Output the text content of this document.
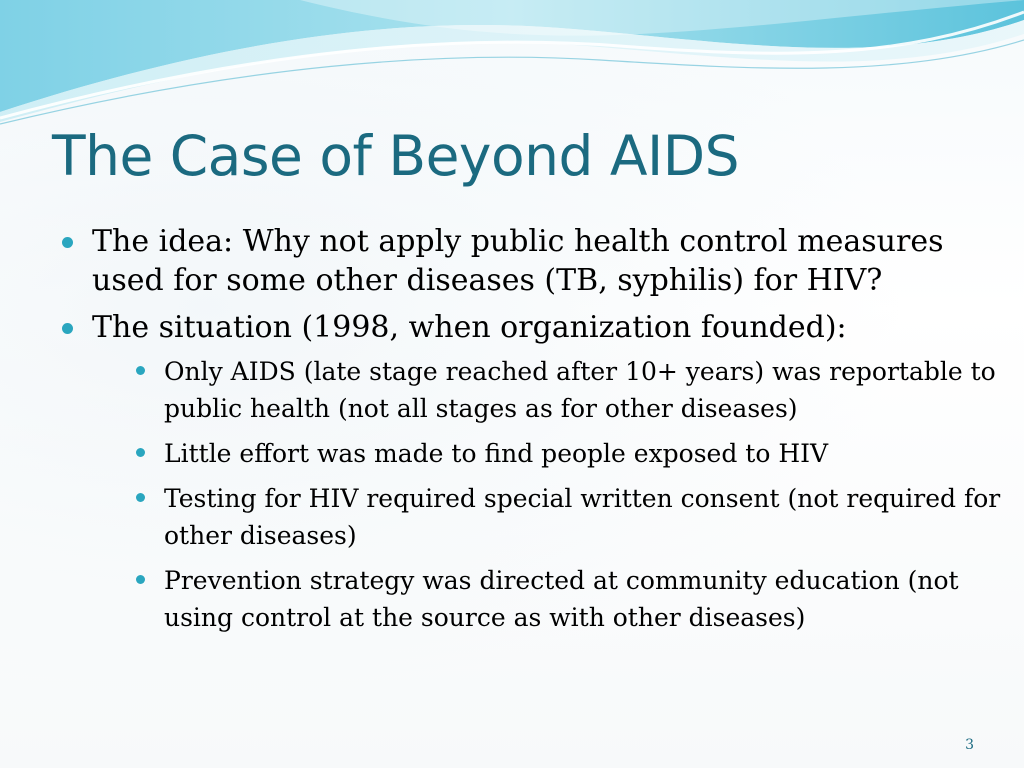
The Case of Beyond AIDS
The idea: Why not apply public health control measures used for some other diseases (TB, syphilis) for HIV?
The situation (1998, when organization founded):
Only AIDS (late stage reached after 10+ years) was reportable to public health (not all stages as for other diseases)
Little effort was made to find people exposed to HIV
Testing for HIV required special written consent (not required for other diseases)
Prevention strategy was directed at community education (not using control at the source as with other diseases)
3
